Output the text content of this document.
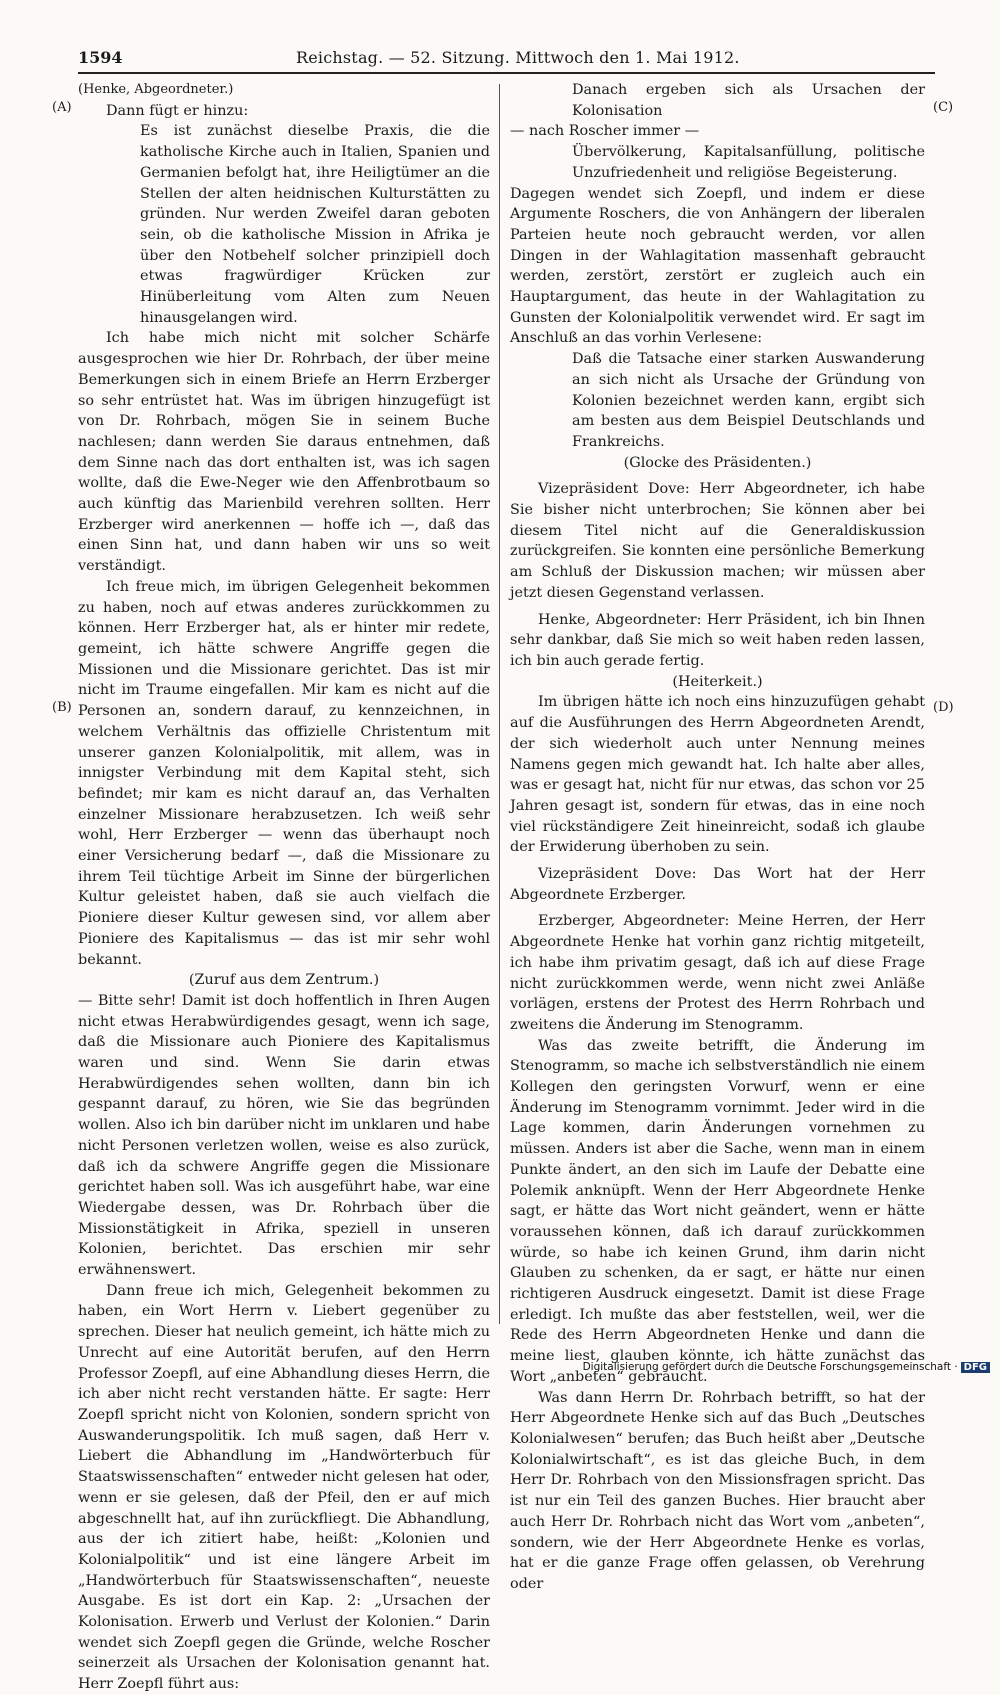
1594	Reichstag. — 52. Sitzung. Mittwoch den 1. Mai 1912.
(A)
(B)
(C)
(D)

(Henke, Abgeordneter.)

Dann fügt er hinzu:

Es ist zunächst dieselbe Praxis, die die katholische Kirche auch in Italien, Spanien und Germanien befolgt hat, ihre Heiligtümer an die Stellen der alten heidnischen Kulturstätten zu gründen. Nur werden Zweifel daran geboten sein, ob die katholische Mission in Afrika je über den Notbehelf solcher prinzipiell doch etwas fragwürdiger Krücken zur Hinüberleitung vom Alten zum Neuen hinausgelangen wird.

Ich habe mich nicht mit solcher Schärfe ausgesprochen wie hier Dr. Rohrbach, der über meine Bemerkungen sich in einem Briefe an Herrn Erzberger so sehr entrüstet hat. Was im übrigen hinzugefügt ist von Dr. Rohrbach, mögen Sie in seinem Buche nachlesen; dann werden Sie daraus entnehmen, daß dem Sinne nach das dort enthalten ist, was ich sagen wollte, daß die Ewe-Neger wie den Affenbrotbaum so auch künftig das Marienbild verehren sollten. Herr Erzberger wird anerkennen — hoffe ich —, daß das einen Sinn hat, und dann haben wir uns so weit verständigt.

Ich freue mich, im übrigen Gelegenheit bekommen zu haben, noch auf etwas anderes zurückkommen zu können. Herr Erzberger hat, als er hinter mir redete, gemeint, ich hätte schwere Angriffe gegen die Missionen und die Missionare gerichtet. Das ist mir nicht im Traume eingefallen. Mir kam es nicht auf die Personen an, sondern darauf, zu kennzeichnen, in welchem Verhältnis das offizielle Christentum mit unserer ganzen Kolonialpolitik, mit allem, was in innigster Verbindung mit dem Kapital steht, sich befindet; mir kam es nicht darauf an, das Verhalten einzelner Missionare herabzusetzen. Ich weiß sehr wohl, Herr Erzberger — wenn das überhaupt noch einer Versicherung bedarf —, daß die Missionare zu ihrem Teil tüchtige Arbeit im Sinne der bürgerlichen Kultur geleistet haben, daß sie auch vielfach die Pioniere dieser Kultur gewesen sind, vor allem aber Pioniere des Kapitalismus — das ist mir sehr wohl bekannt.

(Zuruf aus dem Zentrum.)

— Bitte sehr! Damit ist doch hoffentlich in Ihren Augen nicht etwas Herabwürdigendes gesagt, wenn ich sage, daß die Missionare auch Pioniere des Kapitalismus waren und sind. Wenn Sie darin etwas Herabwürdigendes sehen wollten, dann bin ich gespannt darauf, zu hören, wie Sie das begründen wollen. Also ich bin darüber nicht im unklaren und habe nicht Personen verletzen wollen, weise es also zurück, daß ich da schwere Angriffe gegen die Missionare gerichtet haben soll. Was ich ausgeführt habe, war eine Wiedergabe dessen, was Dr. Rohrbach über die Missionstätigkeit in Afrika, speziell in unseren Kolonien, berichtet. Das erschien mir sehr erwähnenswert.

Dann freue ich mich, Gelegenheit bekommen zu haben, ein Wort Herrn v. Liebert gegenüber zu sprechen. Dieser hat neulich gemeint, ich hätte mich zu Unrecht auf eine Autorität berufen, auf den Herrn Professor Zoepfl, auf eine Abhandlung dieses Herrn, die ich aber nicht recht verstanden hätte. Er sagte: Herr Zoepfl spricht nicht von Kolonien, sondern spricht von Auswanderungspolitik. Ich muß sagen, daß Herr v. Liebert die Abhandlung im „Handwörterbuch für Staatswissenschaften“ entweder nicht gelesen hat oder, wenn er sie gelesen, daß der Pfeil, den er auf mich abgeschnellt hat, auf ihn zurückfliegt. Die Abhandlung, aus der ich zitiert habe, heißt: „Kolonien und Kolonialpolitik“ und ist eine längere Arbeit im „Handwörterbuch für Staatswissenschaften“, neueste Ausgabe. Es ist dort ein Kap. 2: „Ursachen der Kolonisation. Erwerb und Verlust der Kolonien.“ Darin wendet sich Zoepfl gegen die Gründe, welche Roscher seinerzeit als Ursachen der Kolonisation genannt hat. Herr Zoepfl führt aus:

Danach ergeben sich als Ursachen der Kolonisation

— nach Roscher immer —

Übervölkerung, Kapitalsanfüllung, politische Unzufriedenheit und religiöse Begeisterung.

Dagegen wendet sich Zoepfl, und indem er diese Argumente Roschers, die von Anhängern der liberalen Parteien heute noch gebraucht werden, vor allen Dingen in der Wahlagitation massenhaft gebraucht werden, zerstört, zerstört er zugleich auch ein Hauptargument, das heute in der Wahlagitation zu Gunsten der Kolonialpolitik verwendet wird. Er sagt im Anschluß an das vorhin Verlesene:

Daß die Tatsache einer starken Auswanderung an sich nicht als Ursache der Gründung von Kolonien bezeichnet werden kann, ergibt sich am besten aus dem Beispiel Deutschlands und Frankreichs.

(Glocke des Präsidenten.)

Vizepräsident Dove: Herr Abgeordneter, ich habe Sie bisher nicht unterbrochen; Sie können aber bei diesem Titel nicht auf die Generaldiskussion zurückgreifen. Sie konnten eine persönliche Bemerkung am Schluß der Diskussion machen; wir müssen aber jetzt diesen Gegenstand verlassen.

Henke, Abgeordneter: Herr Präsident, ich bin Ihnen sehr dankbar, daß Sie mich so weit haben reden lassen, ich bin auch gerade fertig.

(Heiterkeit.)

Im übrigen hätte ich noch eins hinzuzufügen gehabt auf die Ausführungen des Herrn Abgeordneten Arendt, der sich wiederholt auch unter Nennung meines Namens gegen mich gewandt hat. Ich halte aber alles, was er gesagt hat, nicht für nur etwas, das schon vor 25 Jahren gesagt ist, sondern für etwas, das in eine noch viel rückständigere Zeit hineinreicht, sodaß ich glaube der Erwiderung überhoben zu sein.

Vizepräsident Dove: Das Wort hat der Herr Abgeordnete Erzberger.

Erzberger, Abgeordneter: Meine Herren, der Herr Abgeordnete Henke hat vorhin ganz richtig mitgeteilt, ich habe ihm privatim gesagt, daß ich auf diese Frage nicht zurückkommen werde, wenn nicht zwei Anläße vorlägen, erstens der Protest des Herrn Rohrbach und zweitens die Änderung im Stenogramm.

Was das zweite betrifft, die Änderung im Stenogramm, so mache ich selbstverständlich nie einem Kollegen den geringsten Vorwurf, wenn er eine Änderung im Stenogramm vornimmt. Jeder wird in die Lage kommen, darin Änderungen vornehmen zu müssen. Anders ist aber die Sache, wenn man in einem Punkte ändert, an den sich im Laufe der Debatte eine Polemik anknüpft. Wenn der Herr Abgeordnete Henke sagt, er hätte das Wort nicht geändert, wenn er hätte voraussehen können, daß ich darauf zurückkommen würde, so habe ich keinen Grund, ihm darin nicht Glauben zu schenken, da er sagt, er hätte nur einen richtigeren Ausdruck eingesetzt. Damit ist diese Frage erledigt. Ich mußte das aber feststellen, weil, wer die Rede des Herrn Abgeordneten Henke und dann die meine liest, glauben könnte, ich hätte zunächst das Wort „anbeten“ gebraucht.

Was dann Herrn Dr. Rohrbach betrifft, so hat der Herr Abgeordnete Henke sich auf das Buch „Deutsches Kolonialwesen“ berufen; das Buch heißt aber „Deutsche Kolonialwirtschaft“, es ist das gleiche Buch, in dem Herr Dr. Rohrbach von den Missionsfragen spricht. Das ist nur ein Teil des ganzen Buches. Hier braucht aber auch Herr Dr. Rohrbach nicht das Wort vom „anbeten“, sondern, wie der Herr Abgeordnete Henke es vorlas, hat er die ganze Frage offen gelassen, ob Verehrung oder

Digitalisierung gefördert durch die Deutsche Forschungsgemeinschaft · DFG
